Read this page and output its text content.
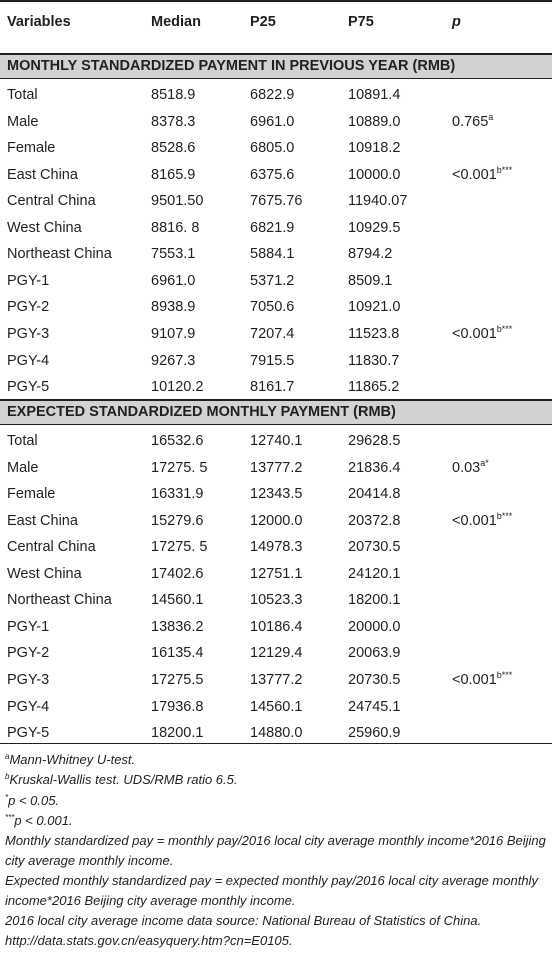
Variables	Median	P25	P75	p
MONTHLY STANDARDIZED PAYMENT IN PREVIOUS YEAR (RMB)
Total	8518.9	6822.9	10891.4
Male	8378.3	6961.0	10889.0	0.765$^a$
Female	8528.6	6805.0	10918.2
East China	8165.9	6375.6	10000.0	$<0.001^{b***}$
Central China	9501.50	7675.76	11940.07
West China	8816. 8	6821.9	10929.5
Northeast China	7553.1	5884.1	8794.2
PGY-1	6961.0	5371.2	8509.1
PGY-2	8938.9	7050.6	10921.0
PGY-3	9107.9	7207.4	11523.8	$<0.001^{b***}$
PGY-4	9267.3	7915.5	11830.7
PGY-5	10120.2	8161.7	11865.2
EXPECTED STANDARDIZED MONTHLY PAYMENT (RMB)
Total	16532.6	12740.1	29628.5
Male	17275. 5	13777.2	21836.4	$0.03^{a*}$
Female	16331.9	12343.5	20414.8
East China	15279.6	12000.0	20372.8	$<0.001^{b***}$
Central China	17275. 5	14978.3	20730.5
West China	17402.6	12751.1	24120.1
Northeast China	14560.1	10523.3	18200.1
PGY-1	13836.2	10186.4	20000.0
PGY-2	16135.4	12129.4	20063.9
PGY-3	17275.5	13777.2	20730.5	$<0.001^{b***}$
PGY-4	17936.8	14560.1	24745.1
PGY-5	18200.1	14880.0	25960.9
$^a$Mann-Whitney U-test.
$^b$Kruskal-Wallis test. UDS/RMB ratio 6.5.
*p < 0.05.
***p < 0.001.
Monthly standardized pay = monthly pay/2016 local city average monthly income*2016 Beijing city average monthly income.
Expected monthly standardized pay = expected monthly pay/2016 local city average monthly income*2016 Beijing city average monthly income.
2016 local city average income data source: National Bureau of Statistics of China. http://data.stats.gov.cn/easyquery.htm?cn=E0105.
